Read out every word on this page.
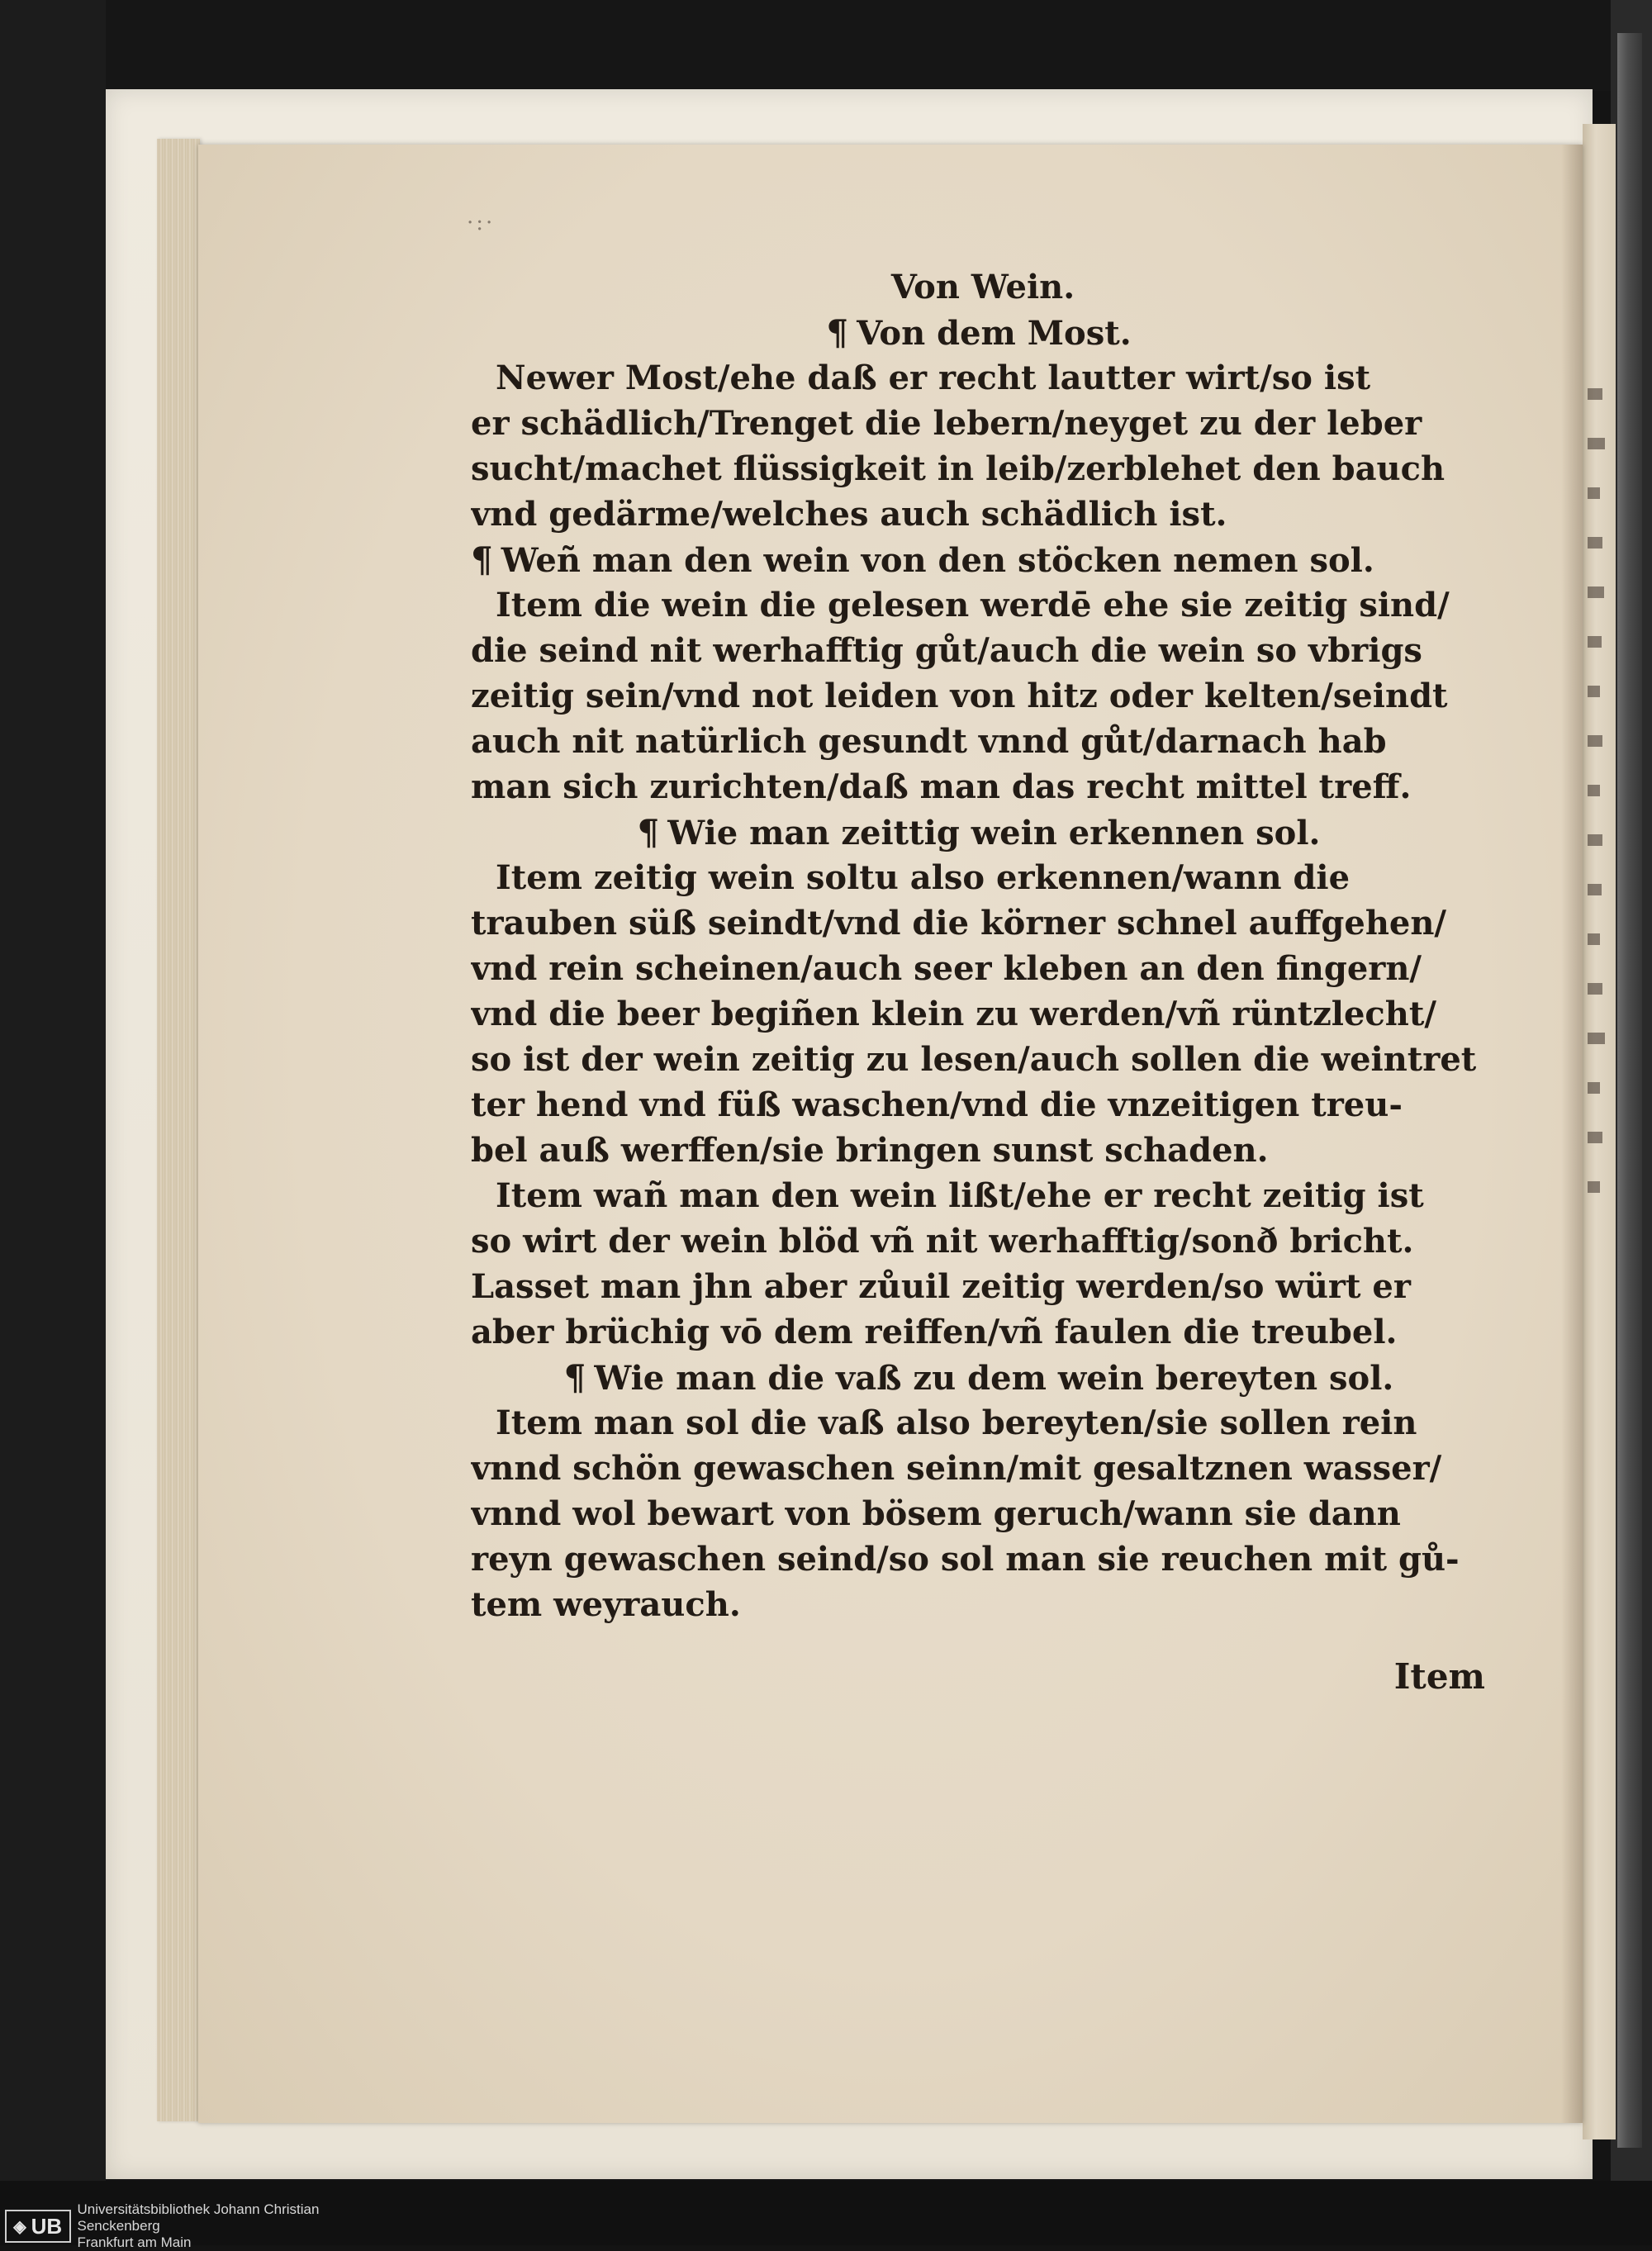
·:·
Von Wein.
¶ Von dem Most.
Newer Most/ehe daß er recht lautter wirt/so ist
er schädlich/Trenget die lebern/neyget zu der leber
sucht/machet flüssigkeit in leib/zerblehet den bauch
vnd gedärme/welches auch schädlich ist.
¶ Weñ man den wein von den stöcken nemen sol.
Item die wein die gelesen werdē ehe sie zeitig sind/
die seind nit werhafftig gůt/auch die wein so vbrigs
zeitig sein/vnd not leiden von hitz oder kelten/seindt
auch nit natürlich gesundt vnnd gůt/darnach hab
man sich zurichten/daß man das recht mittel treff.
¶ Wie man zeittig wein erkennen sol.
Item zeitig wein soltu also erkennen/wann die
trauben süß seindt/vnd die körner schnel auffgehen/
vnd rein scheinen/auch seer kleben an den fingern/
vnd die beer begiñen klein zu werden/vñ rüntzlecht/
so ist der wein zeitig zu lesen/auch sollen die weintret
ter hend vnd füß waschen/vnd die vnzeitigen treu-
bel auß werffen/sie bringen sunst schaden.
Item wañ man den wein lißt/ehe er recht zeitig ist
so wirt der wein blöd vñ nit werhafftig/sonð bricht.
Lasset man jhn aber zůuil zeitig werden/so würt er
aber brüchig vō dem reiffen/vñ faulen die treubel.
¶ Wie man die vaß zu dem wein bereyten sol.
Item man sol die vaß also bereyten/sie sollen rein
vnnd schön gewaschen seinn/mit gesaltznen wasser/
vnnd wol bewart von bösem geruch/wann sie dann
reyn gewaschen seind/so sol man sie reuchen mit gů-
tem weyrauch.
Item
◈ UB
Universitätsbibliothek Johann Christian Senckenberg
Frankfurt am Main
